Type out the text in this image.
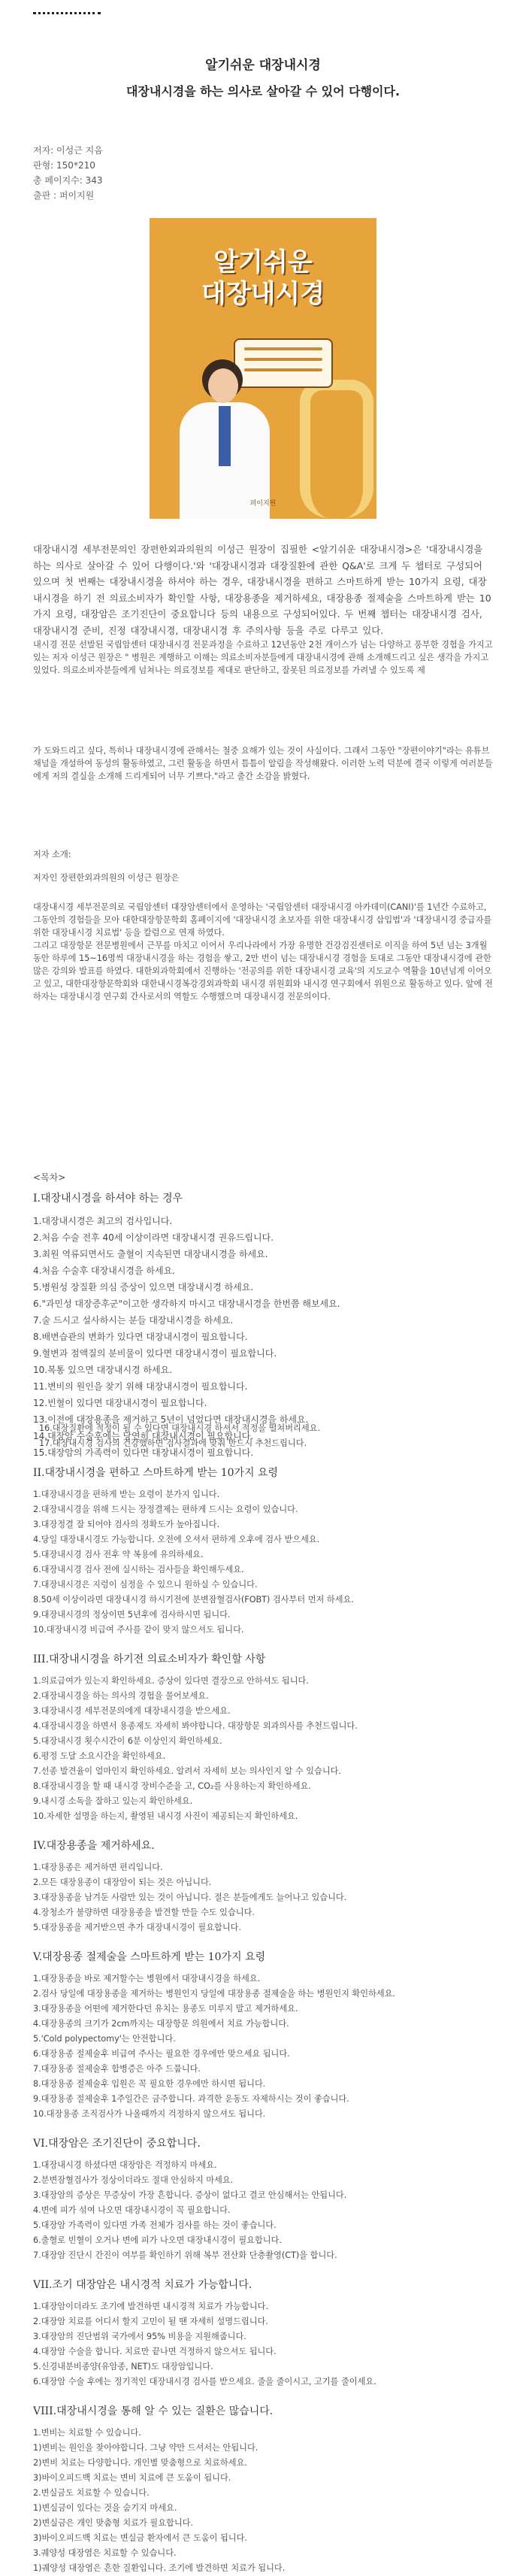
알기쉬운 대장내시경
대장내시경을 하는 의사로 살아갈 수 있어 다행이다.
저자: 이성근 지음
판형: 150*210
총 페이지수: 343
출판 : 퍼이지원
알기쉬운
대장내시경
퍼이지원

대장내시경 세부전문의인 장편한외과의원의 이성근 원장이 집필한 <알기쉬운 대장내시경>은 '대장내시경을 하는 의사로 살아갈 수 있어 다행이다.'와 '대장내시경과 대장질환에 관한 Q&A'로 크게 두 챕터로 구성되어 있으며 첫 번째는 대장내시경을 하셔야 하는 경우, 대장내시경을 편하고 스마트하게 받는 10가지 요령, 대장내시경을 하기 전 의료소비자가 확인할 사항, 대장용종을 제거하세요, 대장용종 절제술을 스마트하게 받는 10가지 요령, 대장암은 조기진단이 중요합니다 등의 내용으로 구성되어있다. 두 번째 챕터는 대장내시경 검사, 대장내시경 준비, 진정 대장내시경, 대장내시경 후 주의사항 등을 주로 다루고 있다.

내시경 전문 선발된 국립암센터 대장내시경 전문과정을 수료하고 12년동안 2천 개이스가 넘는 다양하고 풍부한 경험을 가지고 있는 저자 이성근 원장은 " 병원은 계행하고 이해는 의료소비자분들에게 대장내시경에 관해 소개해드리고 싶은 생각을 가지고 있었다. 의료소비자분들에게 넘쳐나는 의료정보를 제대로 판단하고, 잘못된 의료정보를 가려낼 수 있도록 제

가 도와드리고 싶다, 특히나 대장내시경에 관해서는 철중 요해가 있는 것이 사실이다. 그래서 그동안 "장편이야기"라는 유튜브 채널을 개설하여 동성의 활동하였고, 그런 활동을 하면서 틈틈이 알림을 작성해왔다. 이러한 노력 덕분에 결국 이렇게 여러분들에게 저의 결실을 소개해 드리게되어 너무 기쁘다."라고 출간 소감을 밝혔다.

저자 소개:

저자인 장편한외과의원의 이성근 원장은

대장내시경 세부전문의로 국립암센터 대장암센터에서 운영하는 '국립암센터 대장내시경 아카데미(CANI)'를 1년간 수료하고, 그동안의 경험들을 모아 대한대장항문학회 홈페이지에 '대장내시경 초보자를 위한 대장내시경 삽입법'과 '대장내시경 중급자를 위한 대장내시경 치료법' 등을 칼럼으로 연재 하였다.

그리고 대장항문 전문병원에서 근무를 마치고 이어서 우리나라에서 가장 유명한 건강검진센터로 이직을 하여 5년 넘는 3개월 동안 하루에 15~16명씩 대장내시경을 하는 경험을 쌓고, 2만 번이 넘는 대장내시경 경험을 토대로 그동안 대장내시경에 관한 많은 강의와 발표를 하였다. 대한외과학회에서 진행하는 '전공의를 위한 대장내시경 교육'의 지도교수 역활을 10년넘게 이어오고 있고, 대한대장항문학회와 대한내시경복강경외과학회 내시경 위원회와 내시경 연구회에서 위원으로 활동하고 있다. 앞에 전하자는 대장내시경 연구회 간사로서의 역할도 수행했으며 대장내시경 전문의이다.

<목차>
I.대장내시경을 하셔야 하는 경우
1.대장내시경은 최고의 검사입니다.
2.처음 수술 전후 40세 이상이라면 대장내시경 권유드립니다.
3.최원 역류되면서도 출혈이 지속된면 대장내시경을 하세요.
4.처음 수술후 대장내시경을 하세요.
5.병원성 장질환 의심 증상이 있으면 대장내시경 하세요.
6."과민성 대장증후군"이고한 생각하지 마시고 대장내시경을 한번쯤 해보세요.
7.술 드시고 설사하시는 분들 대장내시경을 하세요.
8.배변습관의 변화가 있다면 대장내시경이 필요합니다.
9.혈변과 점액질의 분비물이 있다면 대장내시경이 필요합니다.
10.복통 있으면 대장내시경 하세요.
11.변비의 원인을 찾기 위해 대장내시경이 필요합니다.
12.빈혈이 있다면 대장내시경이 필요합니다.
13.이전에 대장용종을 제거하고 5년이 넘었다면 대장내시경을 하세요.
14.대장암 수술후에는 당연히 대장내시경이 필요합니다.
15.대장암의 가족력이 있다면 대장내시경이 필요합니다.
16.대장질환에 적정이 될 수 있다면 대장내시경 하셔서 적정을 떨쳐버리세요.
17.대장내시경 검사의 건강했하면 검사결과에 맞춰 반드시 추천드립니다.
II.대장내시경을 편하고 스마트하게 받는 10가지 요령
1.대장내시경을 편하게 받는 요령이 분가지 입니다.
2.대장내시경을 위해 드시는 장정결제는 편하게 드시는 요령이 있습니다.
3.대장정결 잘 되어야 검사의 정확도가 높아집니다.
4.당일 대장내시경도 가능합니다. 오전에 오셔서 편하게 오후에 검사 받으세요.
5.대장내시경 검사 전후 약 복용에 유의하세요.
6.대장내시경 검사 전에 실시하는 검사들을 확인해두세요.
7.대장내시경은 지렁이 심정을 수 있으니 원하실 수 있습니다.
8.50세 이상이라면 대장내시경 하시기전에 분변잠혈검사(FOBT) 검사부터 먼저 하세요.
9.대장내시경의 정상이면 5년후에 검사하시면 됩니다.
10.대장내시경 비급여 주사를 같이 맞지 않으셔도 됩니다.
III.대장내시경을 하기전 의료소비자가 확인할 사항
1.의료급여가 있는지 확인하세요. 증상이 있다면 결장으로 안하셔도 됩니다.
2.대장내시경을 하는 의사의 경험을 물어보세요.
3.대장내시경 세부전문의에게 대장내시경을 받으세요.
4.대장내시경을 하면서 용종제도 자세히 봐야합니다. 대장항문 외과의사를 추천드립니다.
5.대장내시경 횟수시간이 6분 이상인지 확인하세요.
6.평정 도달 소요시간을 확인하세요.
7.선종 발견율이 얼마인지 확인하세요. 알려서 자세히 보는 의사인지 알 수 있습니다.
8.대장내시경을 할 때 내시경 장비수준을 고, CO₂를 사용하는지 확인하세요.
9.내시경 소독을 잘하고 있는지 확인하세요.
10.자세한 설명을 하는지, 촬영된 내시경 사진이 제공되는지 확인하세요.
IV.대장용종을 제거하세요.
1.대장용종은 제거하면 편리입니다.
2.모든 대장용종이 대장암이 되는 것은 아닙니다.
3.대장용종을 남겨둔 사람만 있는 것이 아닙니다. 절은 분들에게도 늘어나고 있습니다.
4.장청소가 불량하면 대장용종을 발견할 만들 수도 있습니다.
5.대장용종을 제거받으면 추가 대장내시경이 필요합니다.
V.대장용종 절제술을 스마트하게 받는 10가지 요령
1.대장용종을 바로 제거할수는 병원에서 대장내시경을 하세요.
2.검사 당일에 대장용종을 제거하는 병원인지 당일에 대장용종 절제술을 하는 병원인지 확인하세요.
3.대장용종을 어떤에 제거한다던 유치는 용종도 미루지 말고 제거하세요.
4.대장용종의 크기가 2cm까지는 대장항문 의원에서 치료 가능합니다.
5.'Cold polypectomy'는 안전합니다.
6.대장용종 절제술후 비급여 주사는 필요한 경우에만 맞으세요 됩니다.
7.대장용종 절제술후 합병증은 아주 드뭅니다.
8.대장용종 절제술후 입원은 꼭 필요한 경우에만 하시면 됩니다.
9.대장용종 절제술후 1주일간은 금주합니다. 과격한 운동도 자제하시는 것이 좋습니다.
10.대장용종 조직검사가 나올때까지 걱정하지 않으셔도 됩니다.
VI.대장암은 조기진단이 중요합니다.
1.대장내시경 하셨다면 대장암은 걱정하지 마세요.
2.분변잠혈검사가 정상이더라도 절대 안심하지 마세요.
3.대장암의 증상은 무증상이 가장 흔합니다. 증상이 없다고 결코 안심해서는 안됩니다.
4.변에 피가 섞여 나오면 대장내시경이 꼭 필요합니다.
5.대장암 가족력이 있다면 가족 전체가 검사를 하는 것이 좋습니다.
6.출혈로 빈혈이 오거나 변에 피가 나오면 대장내시경이 필요합니다.
7.대장암 진단시 간진이 여부를 확인하기 위해 복부 전산화 단층촬영(CT)을 합니다.
VII.조기 대장암은 내시경적 치료가 가능합니다.
1.대장암이더라도 조기에 발견하면 내시경적 치료가 가능합니다.
2.대장암 치료를 어디서 할지 고민이 될 땐 자세히 설명드립니다.
3.대장암의 진단범위 국가에서 95% 비용을 지원해줍니다.
4.대장암 수술을 합니다. 치료만 끝나면 걱정하지 않으셔도 됩니다.
5.신경내분비종양(유암종, NET)도 대장암입니다.
6.대장암 수술 후에는 정기적인 대장내시경 검사를 받으세요. 줄을 줄이시고, 고기를 줄이세요.
VIII.대장내시경을 통해 알 수 있는 질환은 많습니다.
1.변비는 치료할 수 있습니다.
1)변비는 원인을 찾아야합니다. 그냥 약만 드셔서는 안됩니다.
2)변비 치료는 다양합니다. 개인별 맞춤형으로 치료하세요.
3)바이오피드백 치료는 변비 치료에 큰 도움이 됩니다.
2.변실금도 치료할 수 있습니다.
1)변실금이 있다는 것을 숨기지 마세요.
2)변실금은 개인 맞춤형 치료가 필요합니다.
3)바이오피드백 치료는 변실금 환자에서 큰 도움이 됩니다.
3.궤양성 대장염은 치료할 수 있습니다.
1)궤양성 대장염은 흔한 질환입니다. 조기에 발견하면 치료가 됩니다.
